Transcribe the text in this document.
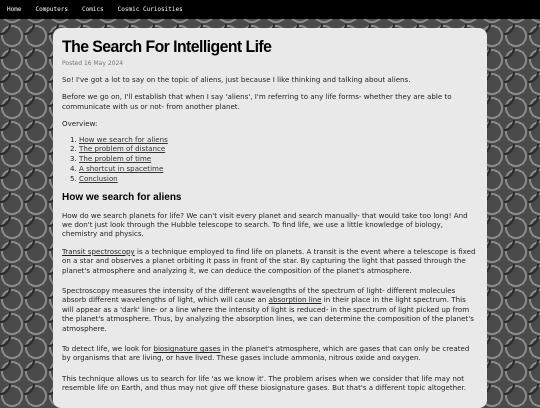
Home Computers Comics Cosmic Curiosities
The Search For Intelligent Life
Posted 16 May 2024

So! I've got a lot to say on the topic of aliens, just because I like thinking and talking about aliens.

Before we go on, I'll establish that when I say 'aliens', I'm referring to any life forms- whether they are able to communicate with us or not- from another planet.

Overview:

1. How we search for aliens
2. The problem of distance
3. The problem of time
4. A shortcut in spacetime
5. Conclusion
How we search for aliens

How do we search planets for life? We can't visit every planet and search manually- that would take too long! And we don't just look through the Hubble telescope to search. To find life, we use a little knowledge of biology, chemistry and physics.

Transit spectroscopy is a technique employed to find life on planets. A transit is the event where a telescope is fixed on a star and observes a planet orbiting it pass in front of the star. By capturing the light that passed through the planet's atmosphere and analyzing it, we can deduce the composition of the planet's atmosphere.

Spectroscopy measures the intensity of the different wavelengths of the spectrum of light- different molecules absorb different wavelengths of light, which will cause an absorption line in their place in the light spectrum. This will appear as a 'dark' line- or a line where the intensity of light is reduced- in the spectrum of light picked up from the planet's atmosphere. Thus, by analyzing the absorption lines, we can determine the composition of the planet's atmosphere.

To detect life, we look for biosignature gases in the planet's atmosphere, which are gases that can only be created by organisms that are living, or have lived. These gases include ammonia, nitrous oxide and oxygen.

This technique allows us to search for life 'as we know it'. The problem arises when we consider that life may not resemble life on Earth, and thus may not give off these biosignature gases. But that's a different topic altogether.
